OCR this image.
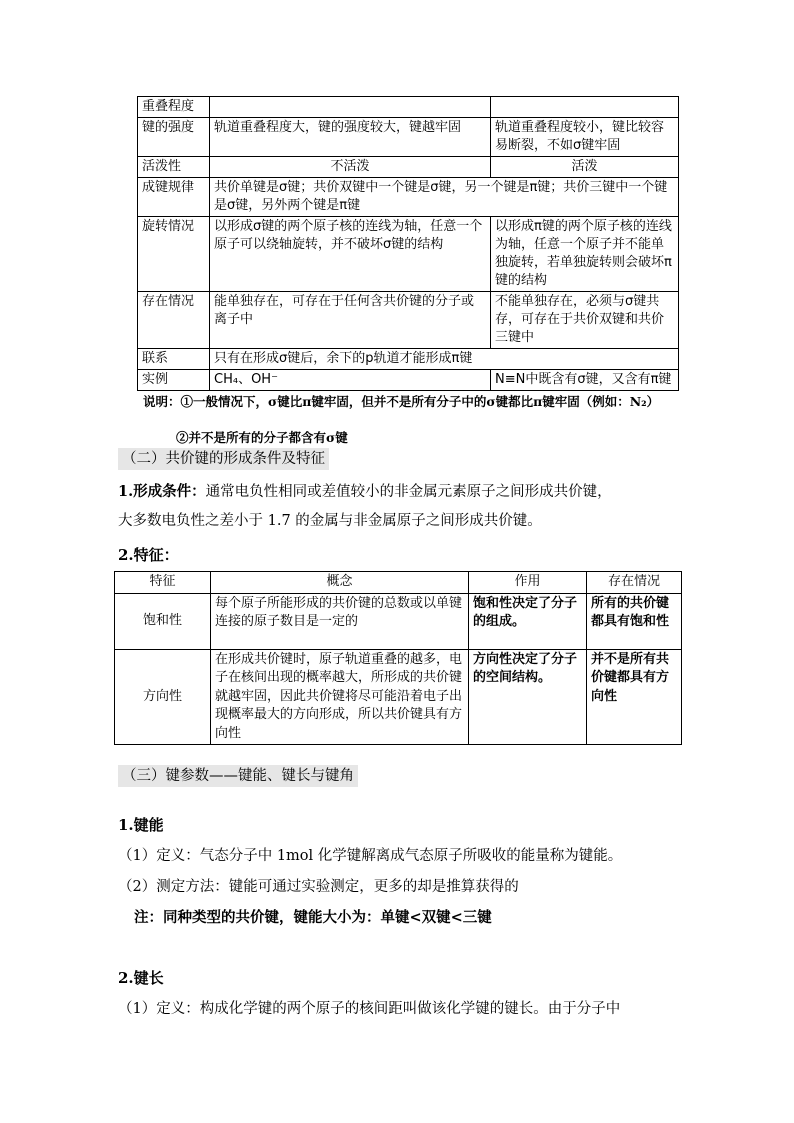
重叠程度		
键的强度	轨道重叠程度大，键的强度较大，键越牢固	轨道重叠程度较小，键比较容易断裂，不如σ键牢固
活泼性	不活泼	活泼
成键规律	共价单键是σ键；共价双键中一个键是σ键，另一个键是π键；共价三键中一个键是σ键，另外两个键是π键	
旋转情况	以形成σ键的两个原子核的连线为轴，任意一个原子可以绕轴旋转，并不破坏σ键的结构	以形成π键的两个原子核的连线为轴，任意一个原子并不能单独旋转，若单独旋转则会破坏π键的结构
存在情况	能单独存在，可存在于任何含共价键的分子或离子中	不能单独存在，必须与σ键共存，可存在于共价双键和共价三键中
联系	只有在形成σ键后，余下的p轨道才能形成π键	
实例	CH₄、OH⁻	N≡N中既含有σ键，又含有π键
说明：①一般情况下，σ键比π键牢固，但并不是所有分子中的σ键都比π键牢固（例如：N₂）
②并不是所有的分子都含有σ键
（二）共价键的形成条件及特征
1.形成条件：通常电负性相同或差值较小的非金属元素原子之间形成共价键，
大多数电负性之差小于 1.7 的金属与非金属原子之间形成共价键。
2.特征：
特征	概念	作用	存在情况
饱和性	每个原子所能形成的共价键的总数或以单键连接的原子数目是一定的	饱和性决定了分子的组成。	所有的共价键都具有饱和性
方向性	在形成共价键时，原子轨道重叠的越多，电子在核间出现的概率越大，所形成的共价键就越牢固，因此共价键将尽可能沿着电子出现概率最大的方向形成，所以共价键具有方向性	方向性决定了分子的空间结构。	并不是所有共价键都具有方向性
（三）键参数——键能、键长与键角
1.键能
（1）定义：气态分子中 1mol 化学键解离成气态原子所吸收的能量称为键能。
（2）测定方法：键能可通过实验测定，更多的却是推算获得的
注：同种类型的共价键，键能大小为：单键<双键<三键
2.键长
（1）定义：构成化学键的两个原子的核间距叫做该化学键的键长。由于分子中
